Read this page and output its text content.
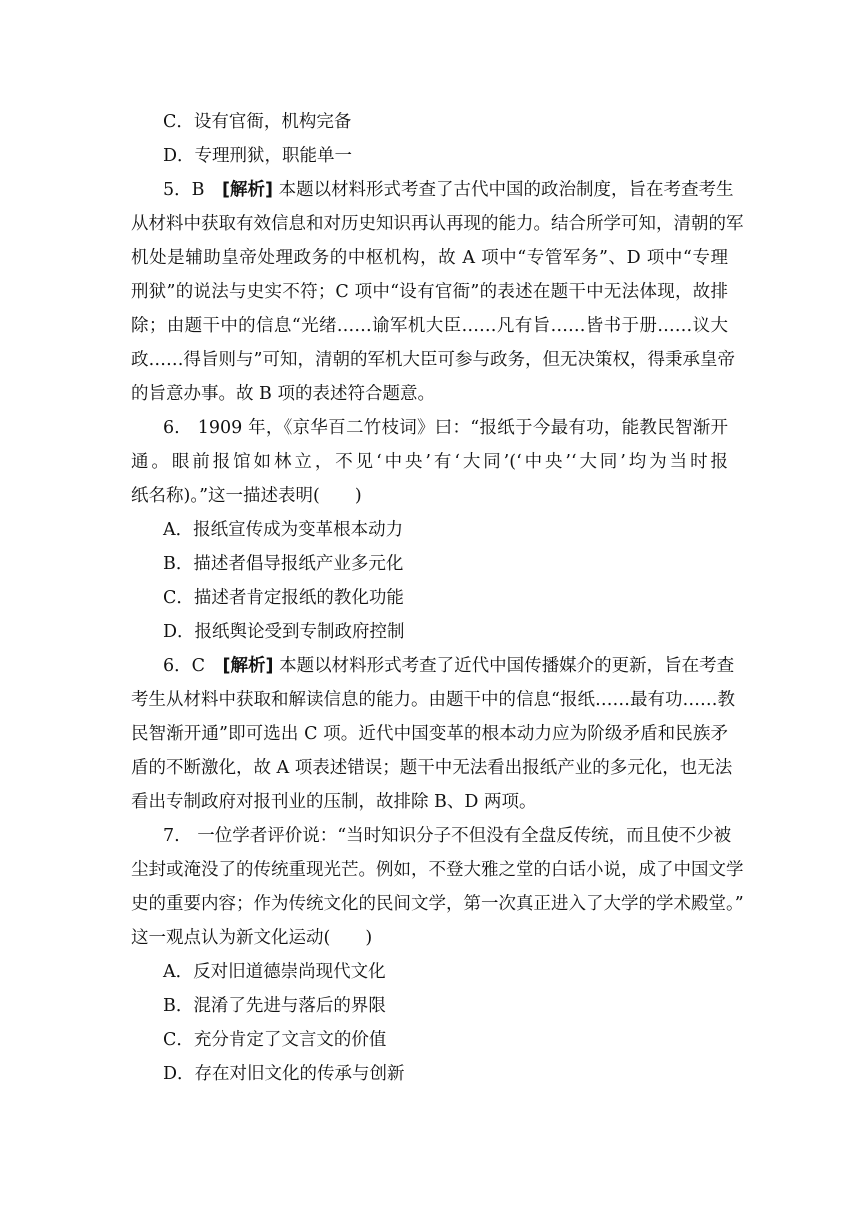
C．设有官衙，机构完备
D．专理刑狱，职能单一
5．B　[解析] 本题以材料形式考查了古代中国的政治制度，旨在考查考生
从材料中获取有效信息和对历史知识再认再现的能力。结合所学可知，清朝的军
机处是辅助皇帝处理政务的中枢机构，故 A 项中“专管军务”、D 项中“专理
刑狱”的说法与史实不符；C 项中“设有官衙”的表述在题干中无法体现，故排
除；由题干中的信息“光绪……谕军机大臣……凡有旨……皆书于册……议大
政……得旨则与”可知，清朝的军机大臣可参与政务，但无决策权，得秉承皇帝
的旨意办事。故 B 项的表述符合题意。
6.　1909 年，《京华百二竹枝词》曰：“报纸于今最有功，能教民智渐开
通。眼前报馆如林立，不见‘中央’有‘大同’(‘中央’‘大同’均为当时报
纸名称)。”这一描述表明(　　)
A．报纸宣传成为变革根本动力
B．描述者倡导报纸产业多元化
C．描述者肯定报纸的教化功能
D．报纸舆论受到专制政府控制
6．C　[解析] 本题以材料形式考查了近代中国传播媒介的更新，旨在考查
考生从材料中获取和解读信息的能力。由题干中的信息“报纸……最有功……教
民智渐开通”即可选出 C 项。近代中国变革的根本动力应为阶级矛盾和民族矛
盾的不断激化，故 A 项表述错误；题干中无法看出报纸产业的多元化，也无法
看出专制政府对报刊业的压制，故排除 B、D 两项。
7.　一位学者评价说：“当时知识分子不但没有全盘反传统，而且使不少被
尘封或淹没了的传统重现光芒。例如，不登大雅之堂的白话小说，成了中国文学
史的重要内容；作为传统文化的民间文学，第一次真正进入了大学的学术殿堂。”
这一观点认为新文化运动(　　)
A．反对旧道德崇尚现代文化
B．混淆了先进与落后的界限
C．充分肯定了文言文的价值
D．存在对旧文化的传承与创新
